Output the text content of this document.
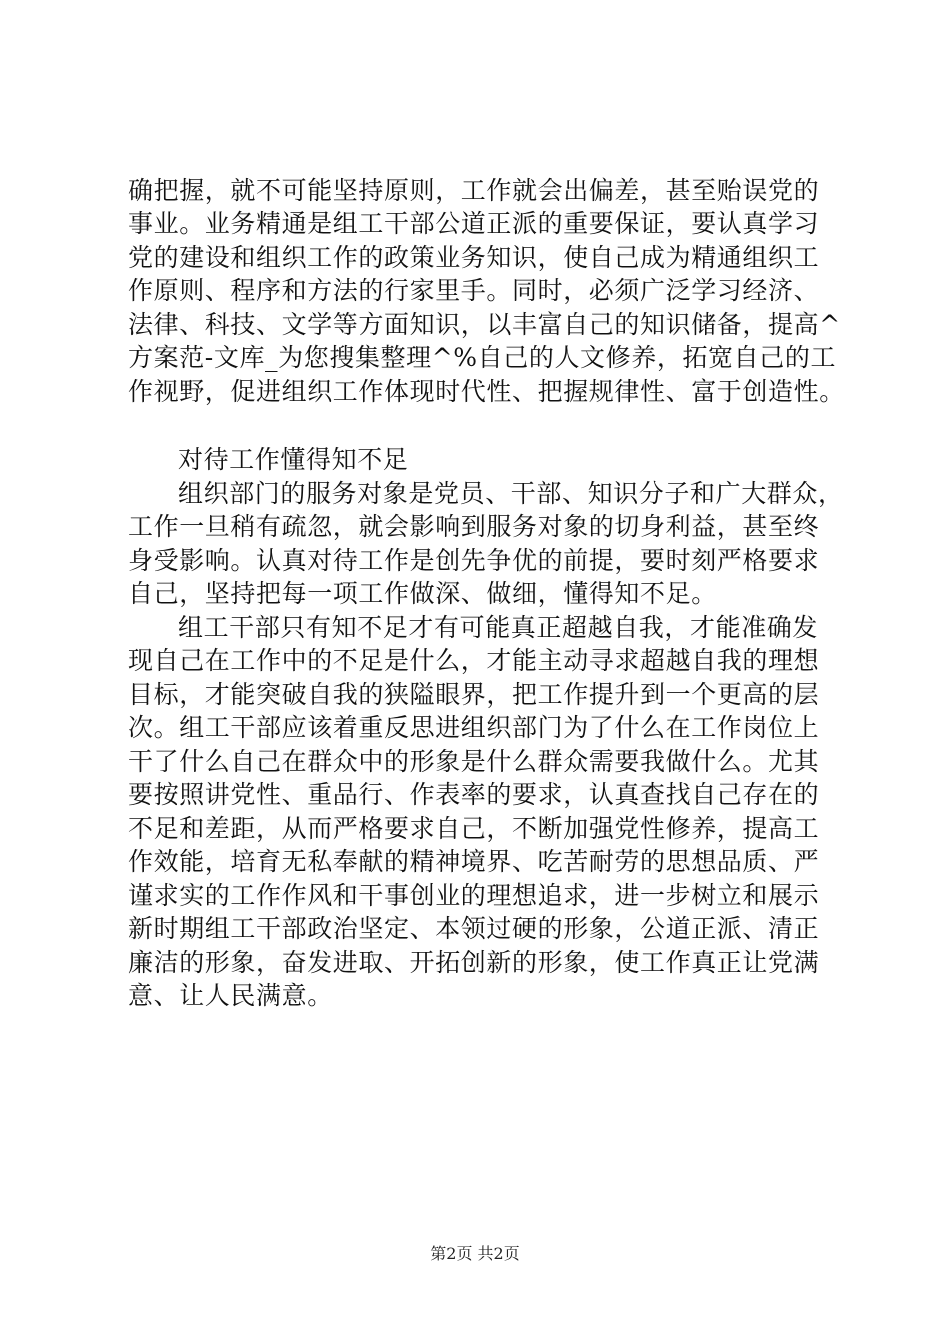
确把握，就不可能坚持原则，工作就会出偏差，甚至贻误党的
事业。业务精通是组工干部公道正派的重要保证，要认真学习
党的建设和组织工作的政策业务知识，使自己成为精通组织工
作原则、程序和方法的行家里手。同时，必须广泛学习经济、
法律、科技、文学等方面知识，以丰富自己的知识储备，提高^
方案范-文库_为您搜集整理^%自己的人文修养，拓宽自己的工
作视野，促进组织工作体现时代性、把握规律性、富于创造性。
对待工作懂得知不足
组织部门的服务对象是党员、干部、知识分子和广大群众，
工作一旦稍有疏忽，就会影响到服务对象的切身利益，甚至终
身受影响。认真对待工作是创先争优的前提，要时刻严格要求
自己，坚持把每一项工作做深、做细，懂得知不足。
组工干部只有知不足才有可能真正超越自我，才能准确发
现自己在工作中的不足是什么，才能主动寻求超越自我的理想
目标，才能突破自我的狭隘眼界，把工作提升到一个更高的层
次。组工干部应该着重反思进组织部门为了什么在工作岗位上
干了什么自己在群众中的形象是什么群众需要我做什么。尤其
要按照讲党性、重品行、作表率的要求，认真查找自己存在的
不足和差距，从而严格要求自己，不断加强党性修养，提高工
作效能，培育无私奉献的精神境界、吃苦耐劳的思想品质、严
谨求实的工作作风和干事创业的理想追求，进一步树立和展示
新时期组工干部政治坚定、本领过硬的形象，公道正派、清正
廉洁的形象，奋发进取、开拓创新的形象，使工作真正让党满
意、让人民满意。
第2页 共2页
